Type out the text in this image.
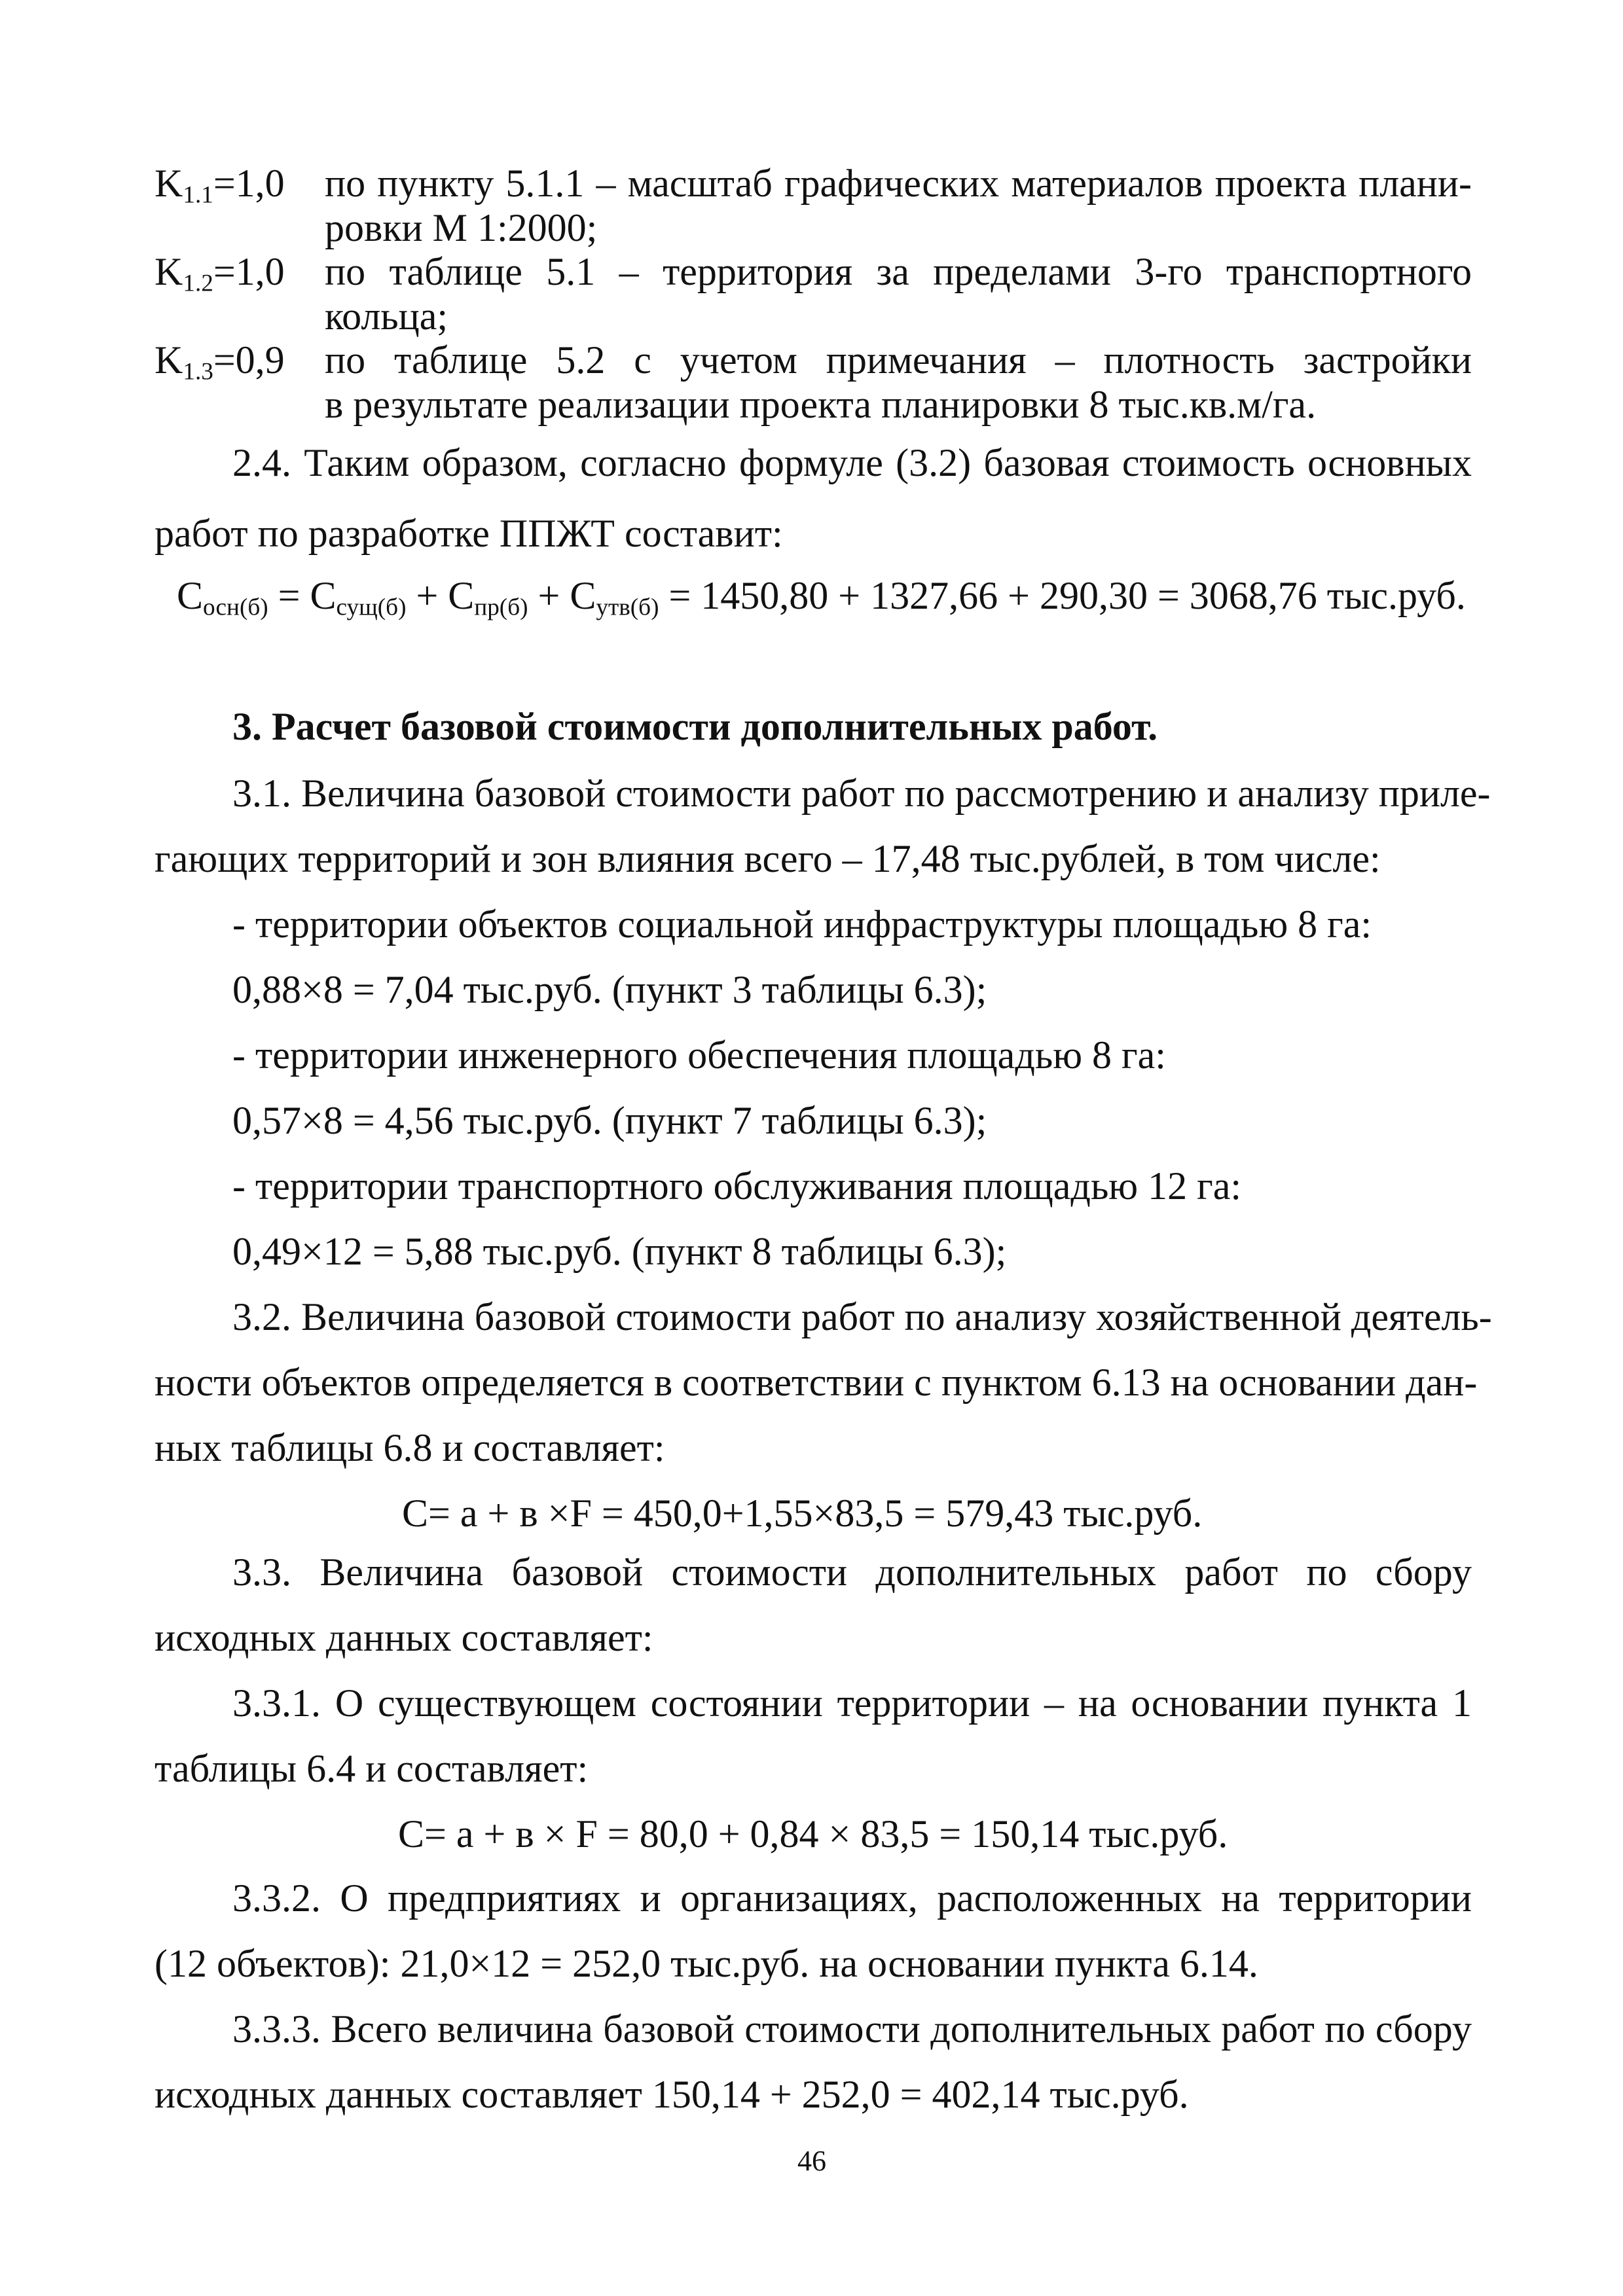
$K_{1.1}=1,0$ по пункту 5.1.1 – масштаб графических материалов проекта плани-
ровки М 1:2000;
$K_{1.2}=1,0$ по таблице 5.1 – территория за пределами 3-го транспортного
кольца;
$K_{1.3}=0,9$ по таблице 5.2 с учетом примечания – плотность застройки
в результате реализации проекта планировки 8 тыс.кв.м/га.
2.4. Таким образом, согласно формуле (3.2) базовая стоимость основных
работ по разработке ППЖТ составит:
$C_{осн(б)} = C_{сущ(б)} + C_{пр(б)} + C_{утв(б)} = 1450,80 + 1327,66 + 290,30 = 3068,76$ тыс.руб.
3. Расчет базовой стоимости дополнительных работ.
3.1. Величина базовой стоимости работ по рассмотрению и анализу приле-
гающих территорий и зон влияния всего – 17,48 тыс.рублей, в том числе:
- территории объектов социальной инфраструктуры площадью 8 га:
0,88×8 = 7,04 тыс.руб. (пункт 3 таблицы 6.3);
- территории инженерного обеспечения площадью 8 га:
0,57×8 = 4,56 тыс.руб. (пункт 7 таблицы 6.3);
- территории транспортного обслуживания площадью 12 га:
0,49×12 = 5,88 тыс.руб. (пункт 8 таблицы 6.3);
3.2. Величина базовой стоимости работ по анализу хозяйственной деятель-
ности объектов определяется в соответствии с пунктом 6.13 на основании дан-
ных таблицы 6.8 и составляет:
C= а + в ×F = 450,0+1,55×83,5 = 579,43 тыс.руб.
3.3. Величина базовой стоимости дополнительных работ по сбору
исходных данных составляет:
3.3.1. О существующем состоянии территории – на основании пункта 1
таблицы 6.4 и составляет:
C= а + в × F = 80,0 + 0,84 × 83,5 = 150,14 тыс.руб.
3.3.2. О предприятиях и организациях, расположенных на территории
(12 объектов): 21,0×12 = 252,0 тыс.руб. на основании пункта 6.14.
3.3.3. Всего величина базовой стоимости дополнительных работ по сбору
исходных данных составляет 150,14 + 252,0 = 402,14 тыс.руб.
46
